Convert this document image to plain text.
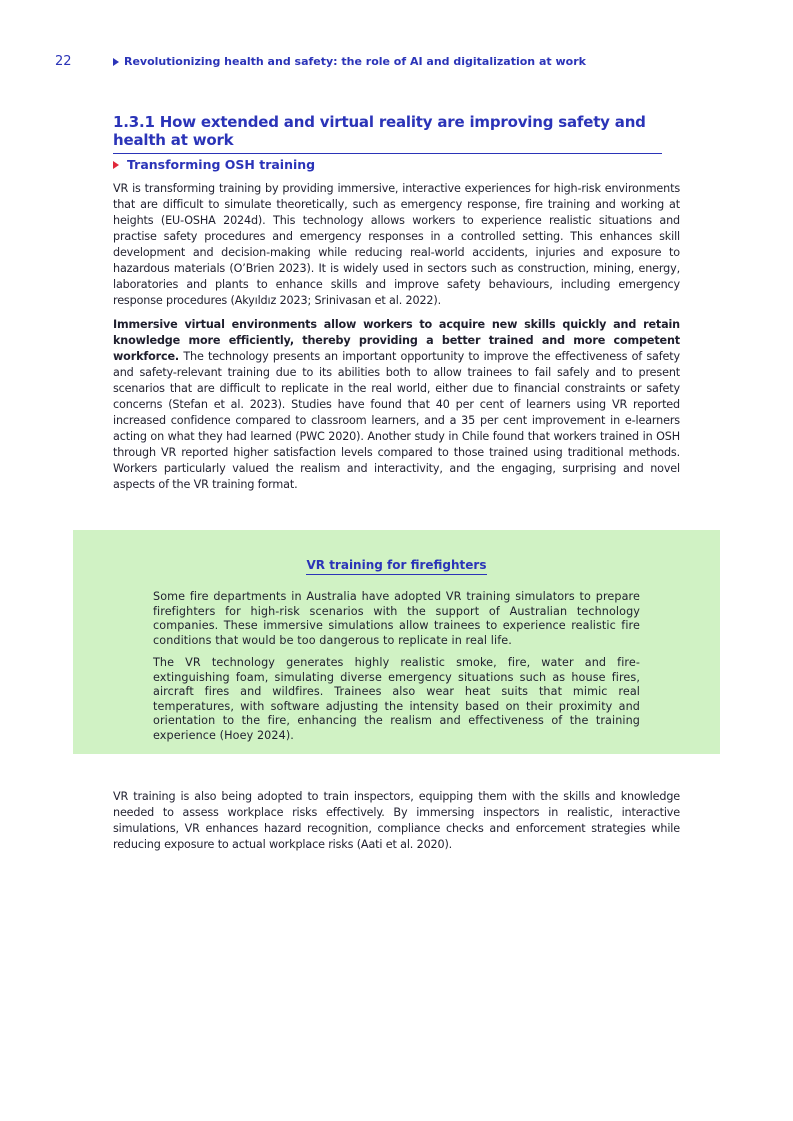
22	Revolutionizing health and safety: the role of AI and digitalization at work
1.3.1 How extended and virtual reality are improving safety and health at work
Transforming OSH training

VR is transforming training by providing immersive, interactive experiences for high-risk environments that are difficult to simulate theoretically, such as emergency response, fire training and working at heights (EU-OSHA 2024d). This technology allows workers to experience realistic situations and practise safety procedures and emergency responses in a controlled setting. This enhances skill development and decision-making while reducing real-world accidents, injuries and exposure to hazardous materials (O’Brien 2023). It is widely used in sectors such as construction, mining, energy, laboratories and plants to enhance skills and improve safety behaviours, including emergency response procedures (Akyıldız 2023; Srinivasan et al. 2022).

Immersive virtual environments allow workers to acquire new skills quickly and retain knowledge more efficiently, thereby providing a better trained and more competent workforce. The technology presents an important opportunity to improve the effectiveness of safety and safety-relevant training due to its abilities both to allow trainees to fail safely and to present scenarios that are difficult to replicate in the real world, either due to financial constraints or safety concerns (Stefan et al. 2023). Studies have found that 40 per cent of learners using VR reported increased confidence compared to classroom learners, and a 35 per cent improvement in e-learners acting on what they had learned (PWC 2020). Another study in Chile found that workers trained in OSH through VR reported higher satisfaction levels compared to those trained using traditional methods. Workers particularly valued the realism and interactivity, and the engaging, surprising and novel aspects of the VR training format.

VR training for firefighters

Some fire departments in Australia have adopted VR training simulators to prepare firefighters for high-risk scenarios with the support of Australian technology companies. These immersive simulations allow trainees to experience realistic fire conditions that would be too dangerous to replicate in real life.

The VR technology generates highly realistic smoke, fire, water and fire-extinguishing foam, simulating diverse emergency situations such as house fires, aircraft fires and wildfires. Trainees also wear heat suits that mimic real temperatures, with software adjusting the intensity based on their proximity and orientation to the fire, enhancing the realism and effectiveness of the training experience (Hoey 2024).

VR training is also being adopted to train inspectors, equipping them with the skills and knowledge needed to assess workplace risks effectively. By immersing inspectors in realistic, interactive simulations, VR enhances hazard recognition, compliance checks and enforcement strategies while reducing exposure to actual workplace risks (Aati et al. 2020).
